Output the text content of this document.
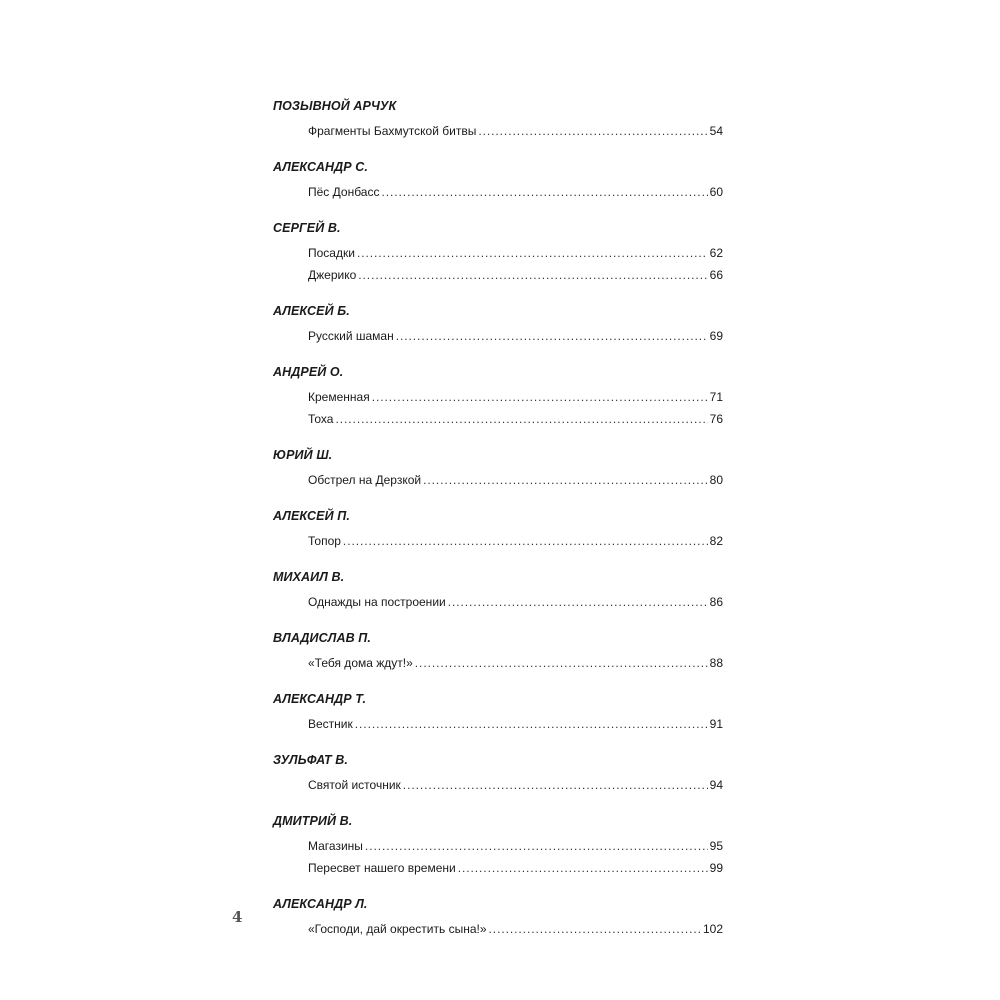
ПОЗЫВНОЙ АРЧУК
Фрагменты Бахмутской битвы . . .	54
АЛЕКСАНДР С.
Пёс Донбасс . . .	60
СЕРГЕЙ В.
Посадки . . .	62
Джерико . . .	66
АЛЕКСЕЙ Б.
Русский шаман . . .	69
АНДРЕЙ О.
Кременная . . .	71
Тоха . . .	76
ЮРИЙ Ш.
Обстрел на Дерзкой . . .	80
АЛЕКСЕЙ П.
Топор . . .	82
МИХАИЛ В.
Однажды на построении . . .	86
ВЛАДИСЛАВ П.
«Тебя дома ждут!» . . .	88
АЛЕКСАНДР Т.
Вестник . . .	91
ЗУЛЬФАТ В.
Святой источник . . .	94
ДМИТРИЙ В.
Магазины . . .	95
Пересвет нашего времени . . .	99
АЛЕКСАНДР Л.
«Господи, дай окрестить сына!» . . .	102
4
